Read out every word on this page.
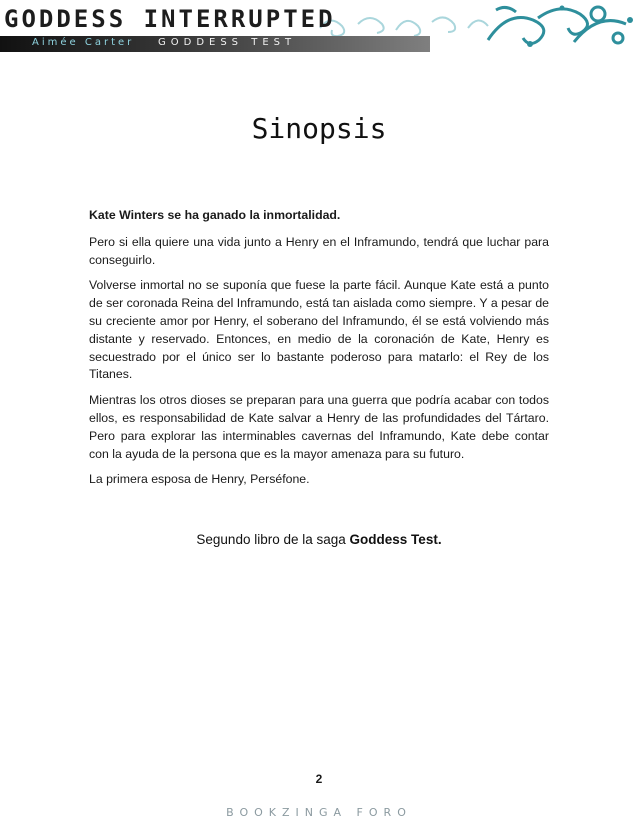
GODDESS INTERRUPTED
Aimée Carter GODDESS TEST
Sinopsis

Kate Winters se ha ganado la inmortalidad.

Pero si ella quiere una vida junto a Henry en el Inframundo, tendrá que luchar para conseguirlo.

Volverse inmortal no se suponía que fuese la parte fácil. Aunque Kate está a punto de ser coronada Reina del Inframundo, está tan aislada como siempre. Y a pesar de su creciente amor por Henry, el soberano del Inframundo, él se está volviendo más distante y reservado. Entonces, en medio de la coronación de Kate, Henry es secuestrado por el único ser lo bastante poderoso para matarlo: el Rey de los Titanes.

Mientras los otros dioses se preparan para una guerra que podría acabar con todos ellos, es responsabilidad de Kate salvar a Henry de las profundidades del Tártaro. Pero para explorar las interminables cavernas del Inframundo, Kate debe contar con la ayuda de la persona que es la mayor amenaza para su futuro.

La primera esposa de Henry, Perséfone.

Segundo libro de la saga Goddess Test.
2
BOOKZINGA FORO
